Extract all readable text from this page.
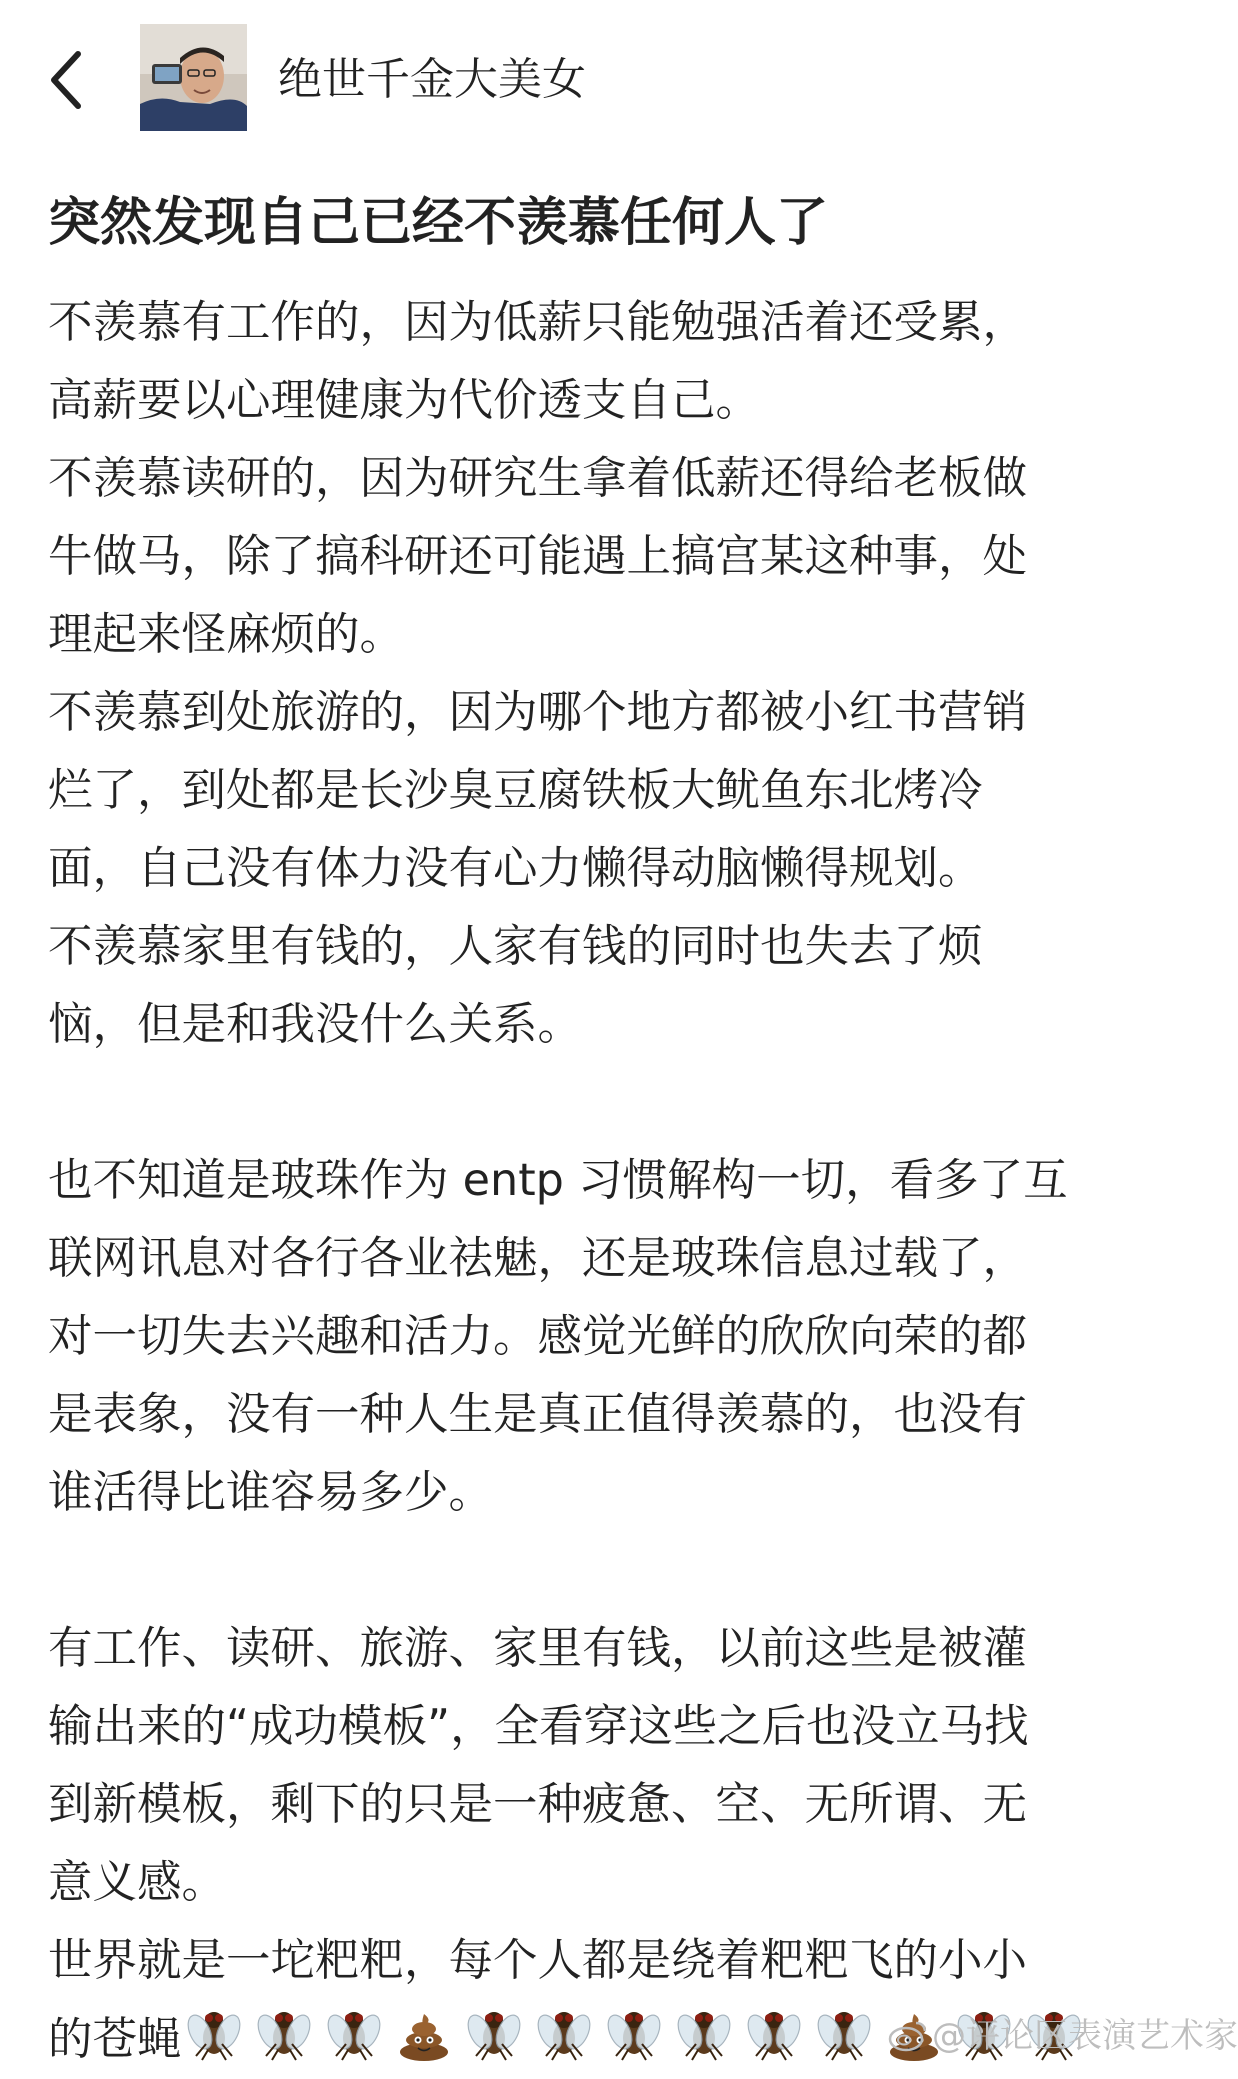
绝世千金大美女
突然发现自己已经不羡慕任何人了

不羡慕有工作的，因为低薪只能勉强活着还受累，

高薪要以心理健康为代价透支自己。

不羡慕读研的，因为研究生拿着低薪还得给老板做

牛做马，除了搞科研还可能遇上搞宫某这种事，处

理起来怪麻烦的。

不羡慕到处旅游的，因为哪个地方都被小红书营销

烂了，到处都是长沙臭豆腐铁板大鱿鱼东北烤冷

面，自己没有体力没有心力懒得动脑懒得规划。

不羡慕家里有钱的，人家有钱的同时也失去了烦

恼，但是和我没什么关系。

也不知道是玻珠作为 entp 习惯解构一切，看多了互

联网讯息对各行各业祛魅，还是玻珠信息过载了，

对一切失去兴趣和活力。感觉光鲜的欣欣向荣的都

是表象，没有一种人生是真正值得羡慕的，也没有

谁活得比谁容易多少。

有工作、读研、旅游、家里有钱，以前这些是被灌

输出来的“成功模板”，全看穿这些之后也没立马找

到新模板，剩下的只是一种疲惫、空、无所谓、无

意义感。

世界就是一坨粑粑，每个人都是绕着粑粑飞的小小

的苍蝇	@评论区表演艺术家
